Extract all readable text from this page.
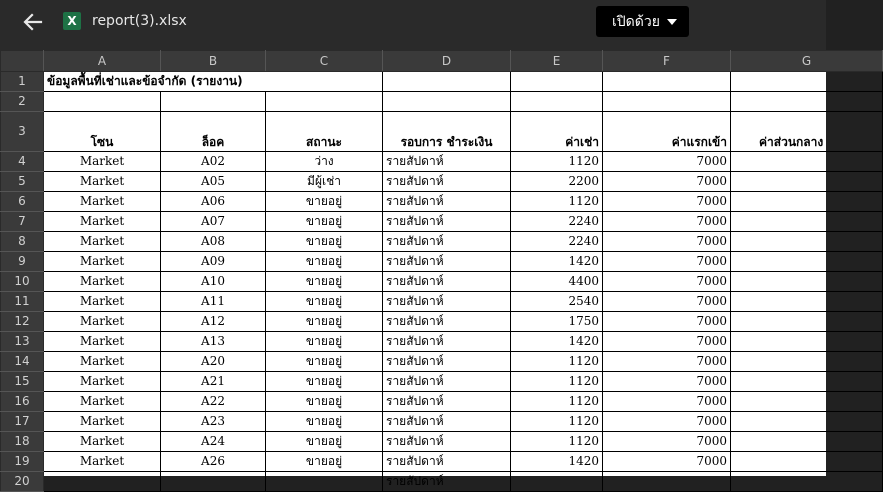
X	report(3).xlsx	เปิดด้วย
	A	B	C	D	E	F	G
1	ข้อมูลพื้นที่เช่าและข้อจำกัด (รายงาน)						
2							
3	โซน	ล็อค	สถานะ	รอบการ ชำระเงิน	ค่าเช่า	ค่าแรกเข้า	ค่าส่วนกลาง
4	Market	A02	ว่าง	รายสัปดาห์	1120	7000	
5	Market	A05	มีผู้เช่า	รายสัปดาห์	2200	7000	
6	Market	A06	ขายอยู่	รายสัปดาห์	1120	7000	
7	Market	A07	ขายอยู่	รายสัปดาห์	2240	7000	
8	Market	A08	ขายอยู่	รายสัปดาห์	2240	7000	
9	Market	A09	ขายอยู่	รายสัปดาห์	1420	7000	
10	Market	A10	ขายอยู่	รายสัปดาห์	4400	7000	
11	Market	A11	ขายอยู่	รายสัปดาห์	2540	7000	
12	Market	A12	ขายอยู่	รายสัปดาห์	1750	7000	
13	Market	A13	ขายอยู่	รายสัปดาห์	1420	7000	
14	Market	A20	ขายอยู่	รายสัปดาห์	1120	7000	
15	Market	A21	ขายอยู่	รายสัปดาห์	1120	7000	
16	Market	A22	ขายอยู่	รายสัปดาห์	1120	7000	
17	Market	A23	ขายอยู่	รายสัปดาห์	1120	7000	
18	Market	A24	ขายอยู่	รายสัปดาห์	1120	7000	
19	Market	A26	ขายอยู่	รายสัปดาห์	1420	7000	
20				รายสัปดาห์			
